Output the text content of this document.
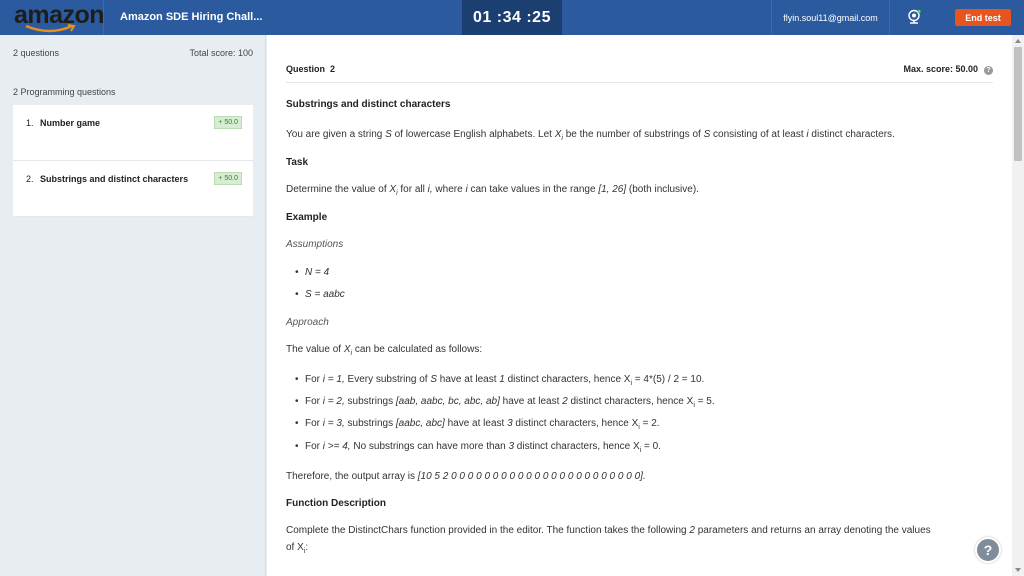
amazon Amazon SDE Hiring Chall...	01 :34 :25	flyin.soul11@gmail.com	End test
2 questions	Total score: 100
2 Programming questions
1. Number game	+ 50.0
2. Substrings and distinct characters	+ 50.0
Question 2	Max. score: 50.00 ?
Substrings and distinct characters
You are given a string S of lowercase English alphabets. Let $X_i$ be the number of substrings of S consisting of at least i distinct characters.
Task
Determine the value of $X_i$ for all i, where i can take values in the range [1, 26] (both inclusive).
Example
Assumptions
• N = 4
• S = aabc
Approach
The value of $X_i$ can be calculated as follows:
• For i = 1, Every substring of S have at least 1 distinct characters, hence $X_i = 4*(5) / 2 = 10$.
• For i = 2, substrings [aab, aabc, bc, abc, ab] have at least 2 distinct characters, hence $X_i = 5$.
• For i = 3, substrings [aabc, abc] have at least 3 distinct characters, hence $X_i = 2$.
• For i >= 4, No substrings can have more than 3 distinct characters, hence $X_i = 0$.
Therefore, the output array is [10 5 2 0 0 0 0 0 0 0 0 0 0 0 0 0 0 0 0 0 0 0 0 0 0 0].
Function Description
Complete the DistinctChars function provided in the editor. The function takes the following 2 parameters and returns an array denoting the values
of $X_i$:	?
